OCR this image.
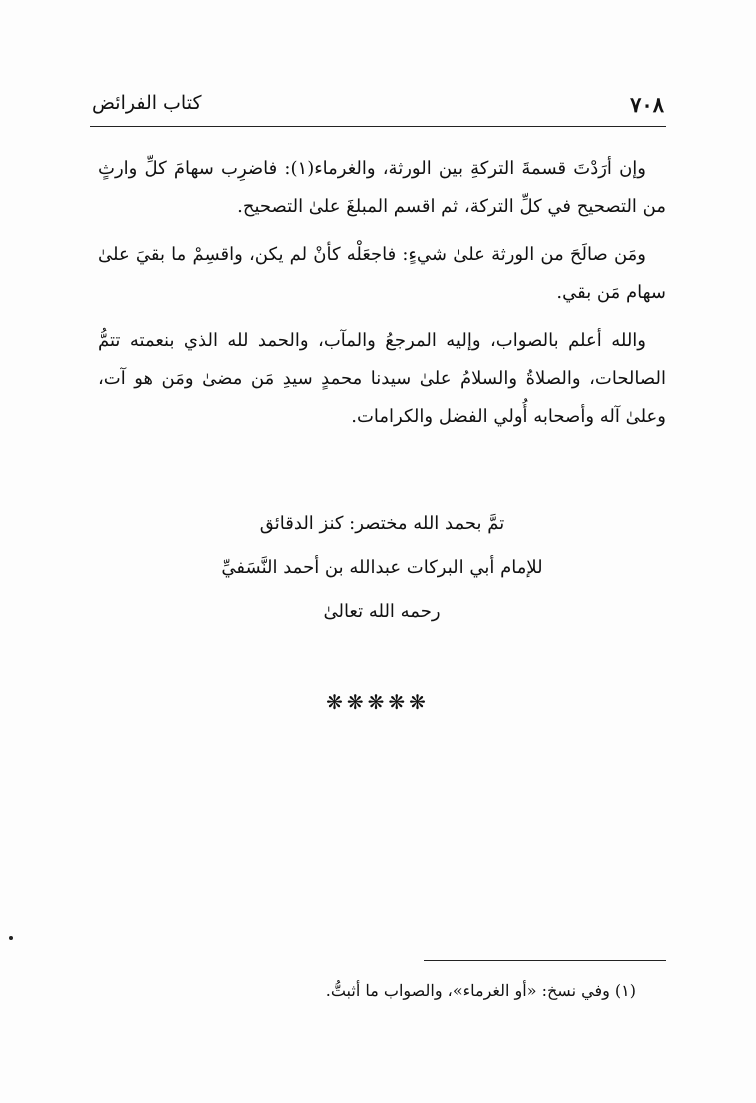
٧٠٨
كتاب الفرائض

وإن أرَدْتَ قسمةَ التركةِ بين الورثة، والغرماء(١): فاضرِب سهامَ كلِّ وارثٍ من التصحيح في كلِّ التركة، ثم اقسم المبلغَ علىٰ التصحيح.

ومَن صالَحَ من الورثة علىٰ شيءٍ: فاجعَلْه كأنْ لم يكن، واقسِمْ ما بقيَ علىٰ سهام مَن بقي.

والله أعلم بالصواب، وإليه المرجعُ والمآب، والحمد لله الذي بنعمته تتمُّ الصالحات، والصلاةُ والسلامُ علىٰ سيدنا محمدٍ سيدِ مَن مضىٰ ومَن هو آت، وعلىٰ آله وأصحابه أُولي الفضل والكرامات.

تمَّ بحمد الله مختصر: كنز الدقائق
للإمام أبي البركات عبدالله بن أحمد النَّسَفيِّ
رحمه الله تعالىٰ
❋❋❋❋❋
(١) وفي نسخ: «أو الغرماء»، والصواب ما أثبتُّ.
